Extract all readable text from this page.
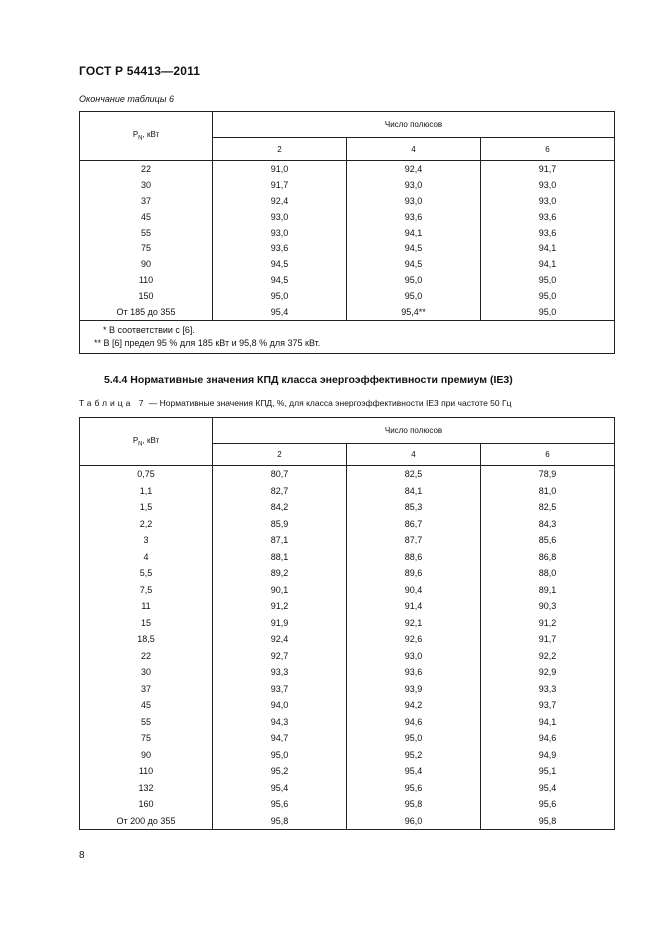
ГОСТ Р 54413—2011
Окончание таблицы 6
$Р_N$, кВт	Число полюсов		
	2	4	6
22	91,0	92,4	91,7
30	91,7	93,0	93,0
37	92,4	93,0	93,0
45	93,0	93,6	93,6
55	93,0	94,1	93,6
75	93,6	94,5	94,1
90	94,5	94,5	94,1
110	94,5	95,0	95,0
150	95,0	95,0	95,0
От 185 до 355	95,4	95,4**	95,0

* В соответствии с [6].
** В [6] предел 95 % для 185 кВт и 95,8 % для 375 кВт.			
5.4.4 Нормативные значения КПД класса энергоэффективности премиум (IE3)
Таблица 7 — Нормативные значения КПД, %, для класса энергоэффективности IE3 при частоте 50 Гц
$Р_N$, кВт	Число полюсов		
	2	4	6
0,75	80,7	82,5	78,9
1,1	82,7	84,1	81,0
1,5	84,2	85,3	82,5
2,2	85,9	86,7	84,3
3	87,1	87,7	85,6
4	88,1	88,6	86,8
5,5	89,2	89,6	88,0
7,5	90,1	90,4	89,1
11	91,2	91,4	90,3
15	91,9	92,1	91,2
18,5	92,4	92,6	91,7
22	92,7	93,0	92,2
30	93,3	93,6	92,9
37	93,7	93,9	93,3
45	94,0	94,2	93,7
55	94,3	94,6	94,1
75	94,7	95,0	94,6
90	95,0	95,2	94,9
110	95,2	95,4	95,1
132	95,4	95,6	95,4
160	95,6	95,8	95,6
От 200 до 355	95,8	96,0	95,8
8
